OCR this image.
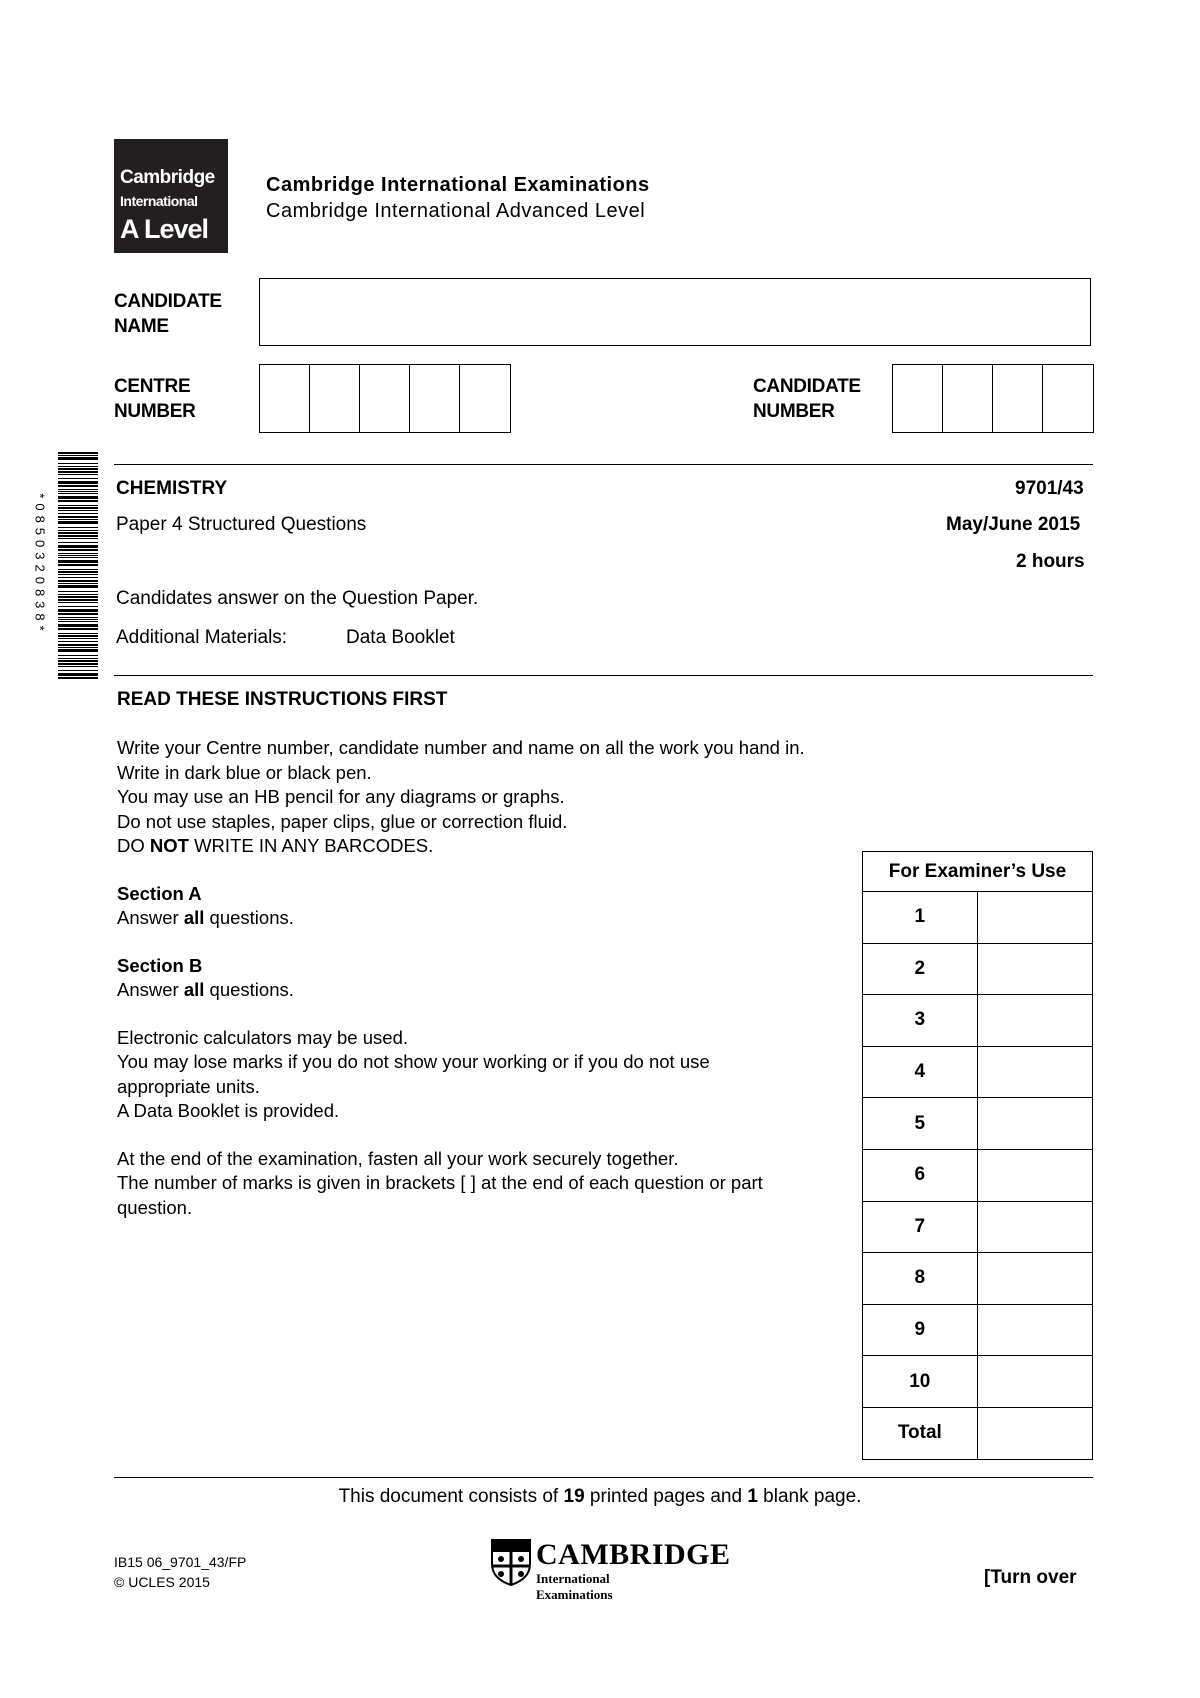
Cambridge
International
A Level
Cambridge International Examinations
Cambridge International Advanced Level
CANDIDATE
NAME
CENTRE
NUMBER
CANDIDATE
NUMBER
*0850320838*
CHEMISTRY	9701/43
Paper 4 Structured Questions	May/June 2015
2 hours
Candidates answer on the Question Paper.
Additional Materials:	Data Booklet
READ THESE INSTRUCTIONS FIRST

Write your Centre number, candidate number and name on all the work you hand in.

Write in dark blue or black pen.

You may use an HB pencil for any diagrams or graphs.

Do not use staples, paper clips, glue or correction fluid.

DO NOT WRITE IN ANY BARCODES.

Section A

Answer all questions.

Section B

Answer all questions.

Electronic calculators may be used.

You may lose marks if you do not show your working or if you do not use

appropriate units.

A Data Booklet is provided.

At the end of the examination, fasten all your work securely together.

The number of marks is given in brackets [ ] at the end of each question or part

question.

For Examiner’s Use	
1	
2	
3	
4	
5	
6	
7	
8	
9	
10	
Total	
This document consists of 19 printed pages and 1 blank page.
IB15 06_9701_43/FP
© UCLES 2015
CAMBRIDGE
International Examinations
[Turn over
